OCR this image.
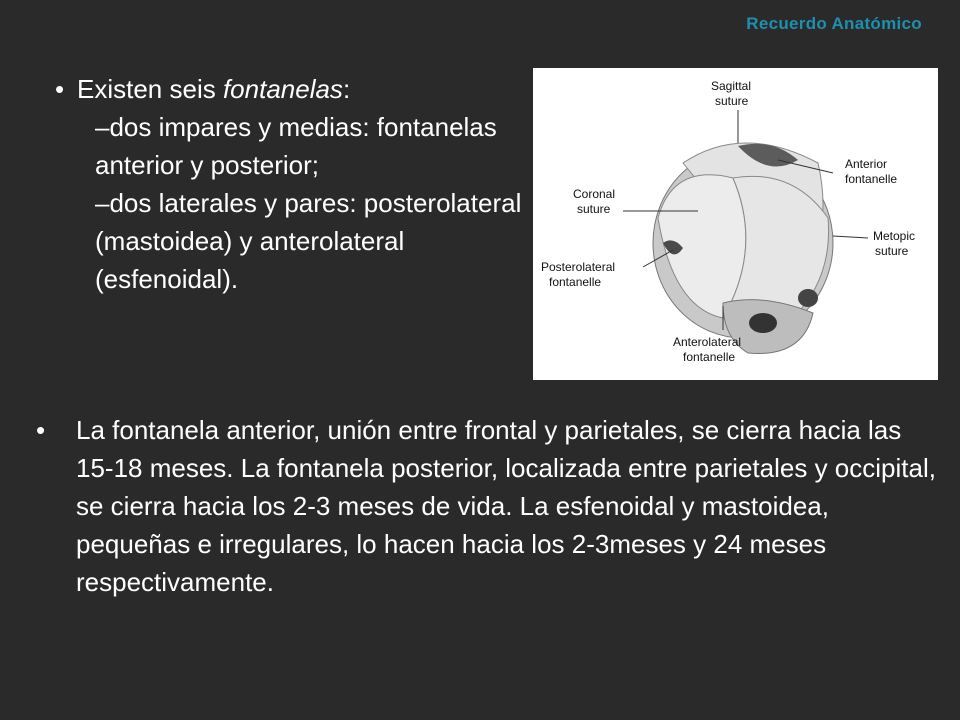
Recuerdo Anatómico
• Existen seis fontanelas:
–dos impares y medias: fontanelas anterior y posterior;
–dos laterales y pares: posterolateral (mastoidea) y anterolateral (esfenoidal).
Sagittal
suture
Anterior
fontanelle
Coronal
suture
Metopic
suture
Posterolateral
fontanelle
Anterolateral
fontanelle
• La fontanela anterior, unión entre frontal y parietales, se cierra hacia las 15-18 meses. La fontanela posterior, localizada entre parietales y occipital, se cierra hacia los 2-3 meses de vida. La esfenoidal y mastoidea, pequeñas e irregulares, lo hacen hacia los 2-3meses y 24 meses respectivamente.
